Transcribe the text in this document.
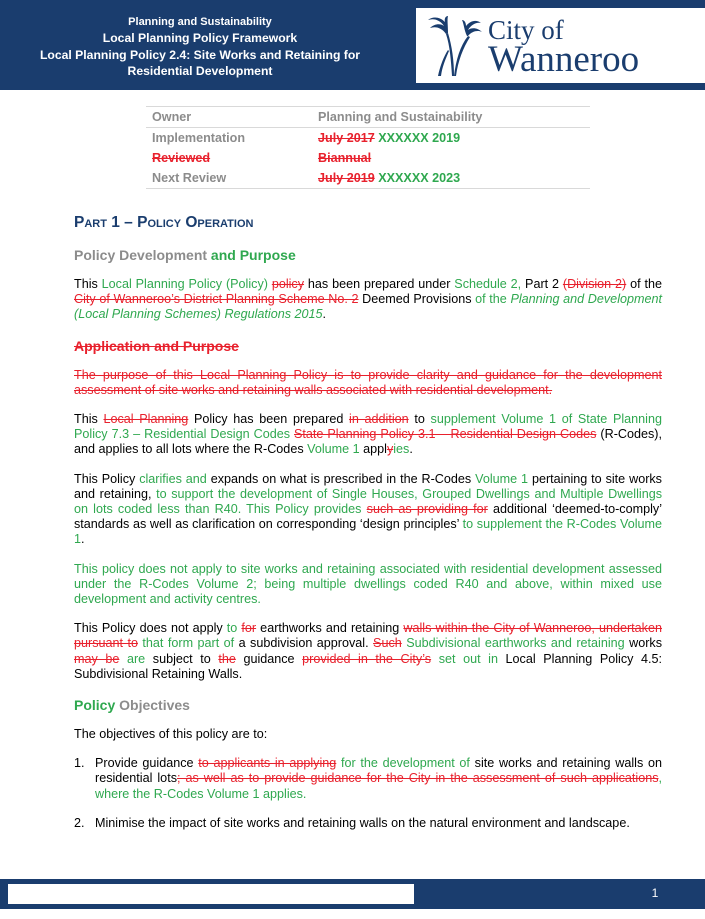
Planning and Sustainability
Local Planning Policy Framework
Local Planning Policy 2.4: Site Works and Retaining for Residential Development
City of
Wanneroo
Owner	Planning and Sustainability
Implementation	July 2017 XXXXXX 2019
Reviewed	Biannual
Next Review	July 2019 XXXXXX 2023
Part 1 – Policy Operation
Policy Development and Purpose

This Local Planning Policy (Policy) policy has been prepared under Schedule 2, Part 2 (Division 2) of the City of Wanneroo’s District Planning Scheme No. 2 Deemed Provisions of the Planning and Development (Local Planning Schemes) Regulations 2015.

Application and Purpose

The purpose of this Local Planning Policy is to provide clarity and guidance for the development assessment of site works and retaining walls associated with residential development.

This Local Planning Policy has been prepared in addition to supplement Volume 1 of State Planning Policy 7.3 – Residential Design Codes State Planning Policy 3.1 – Residential Design Codes (R-Codes), and applies to all lots where the R-Codes Volume 1 applyies.

This Policy clarifies and expands on what is prescribed in the R-Codes Volume 1 pertaining to site works and retaining, to support the development of Single Houses, Grouped Dwellings and Multiple Dwellings on lots coded less than R40. This Policy provides such as providing for additional ‘deemed-to-comply’ standards as well as clarification on corresponding ‘design principles’ to supplement the R-Codes Volume 1.

This policy does not apply to site works and retaining associated with residential development assessed under the R-Codes Volume 2; being multiple dwellings coded R40 and above, within mixed use development and activity centres.

This Policy does not apply to for earthworks and retaining walls within the City of Wanneroo, undertaken pursuant to that form part of a subdivision approval. Such Subdivisional earthworks and retaining works may be are subject to the guidance provided in the City’s set out in Local Planning Policy 4.5: Subdivisional Retaining Walls.

Policy Objectives

The objectives of this policy are to:

1. Provide guidance to applicants in applying for the development of site works and retaining walls on residential lots; as well as to provide guidance for the City in the assessment of such applications, where the R-Codes Volume 1 applies.
2. Minimise the impact of site works and retaining walls on the natural environment and landscape.
1
